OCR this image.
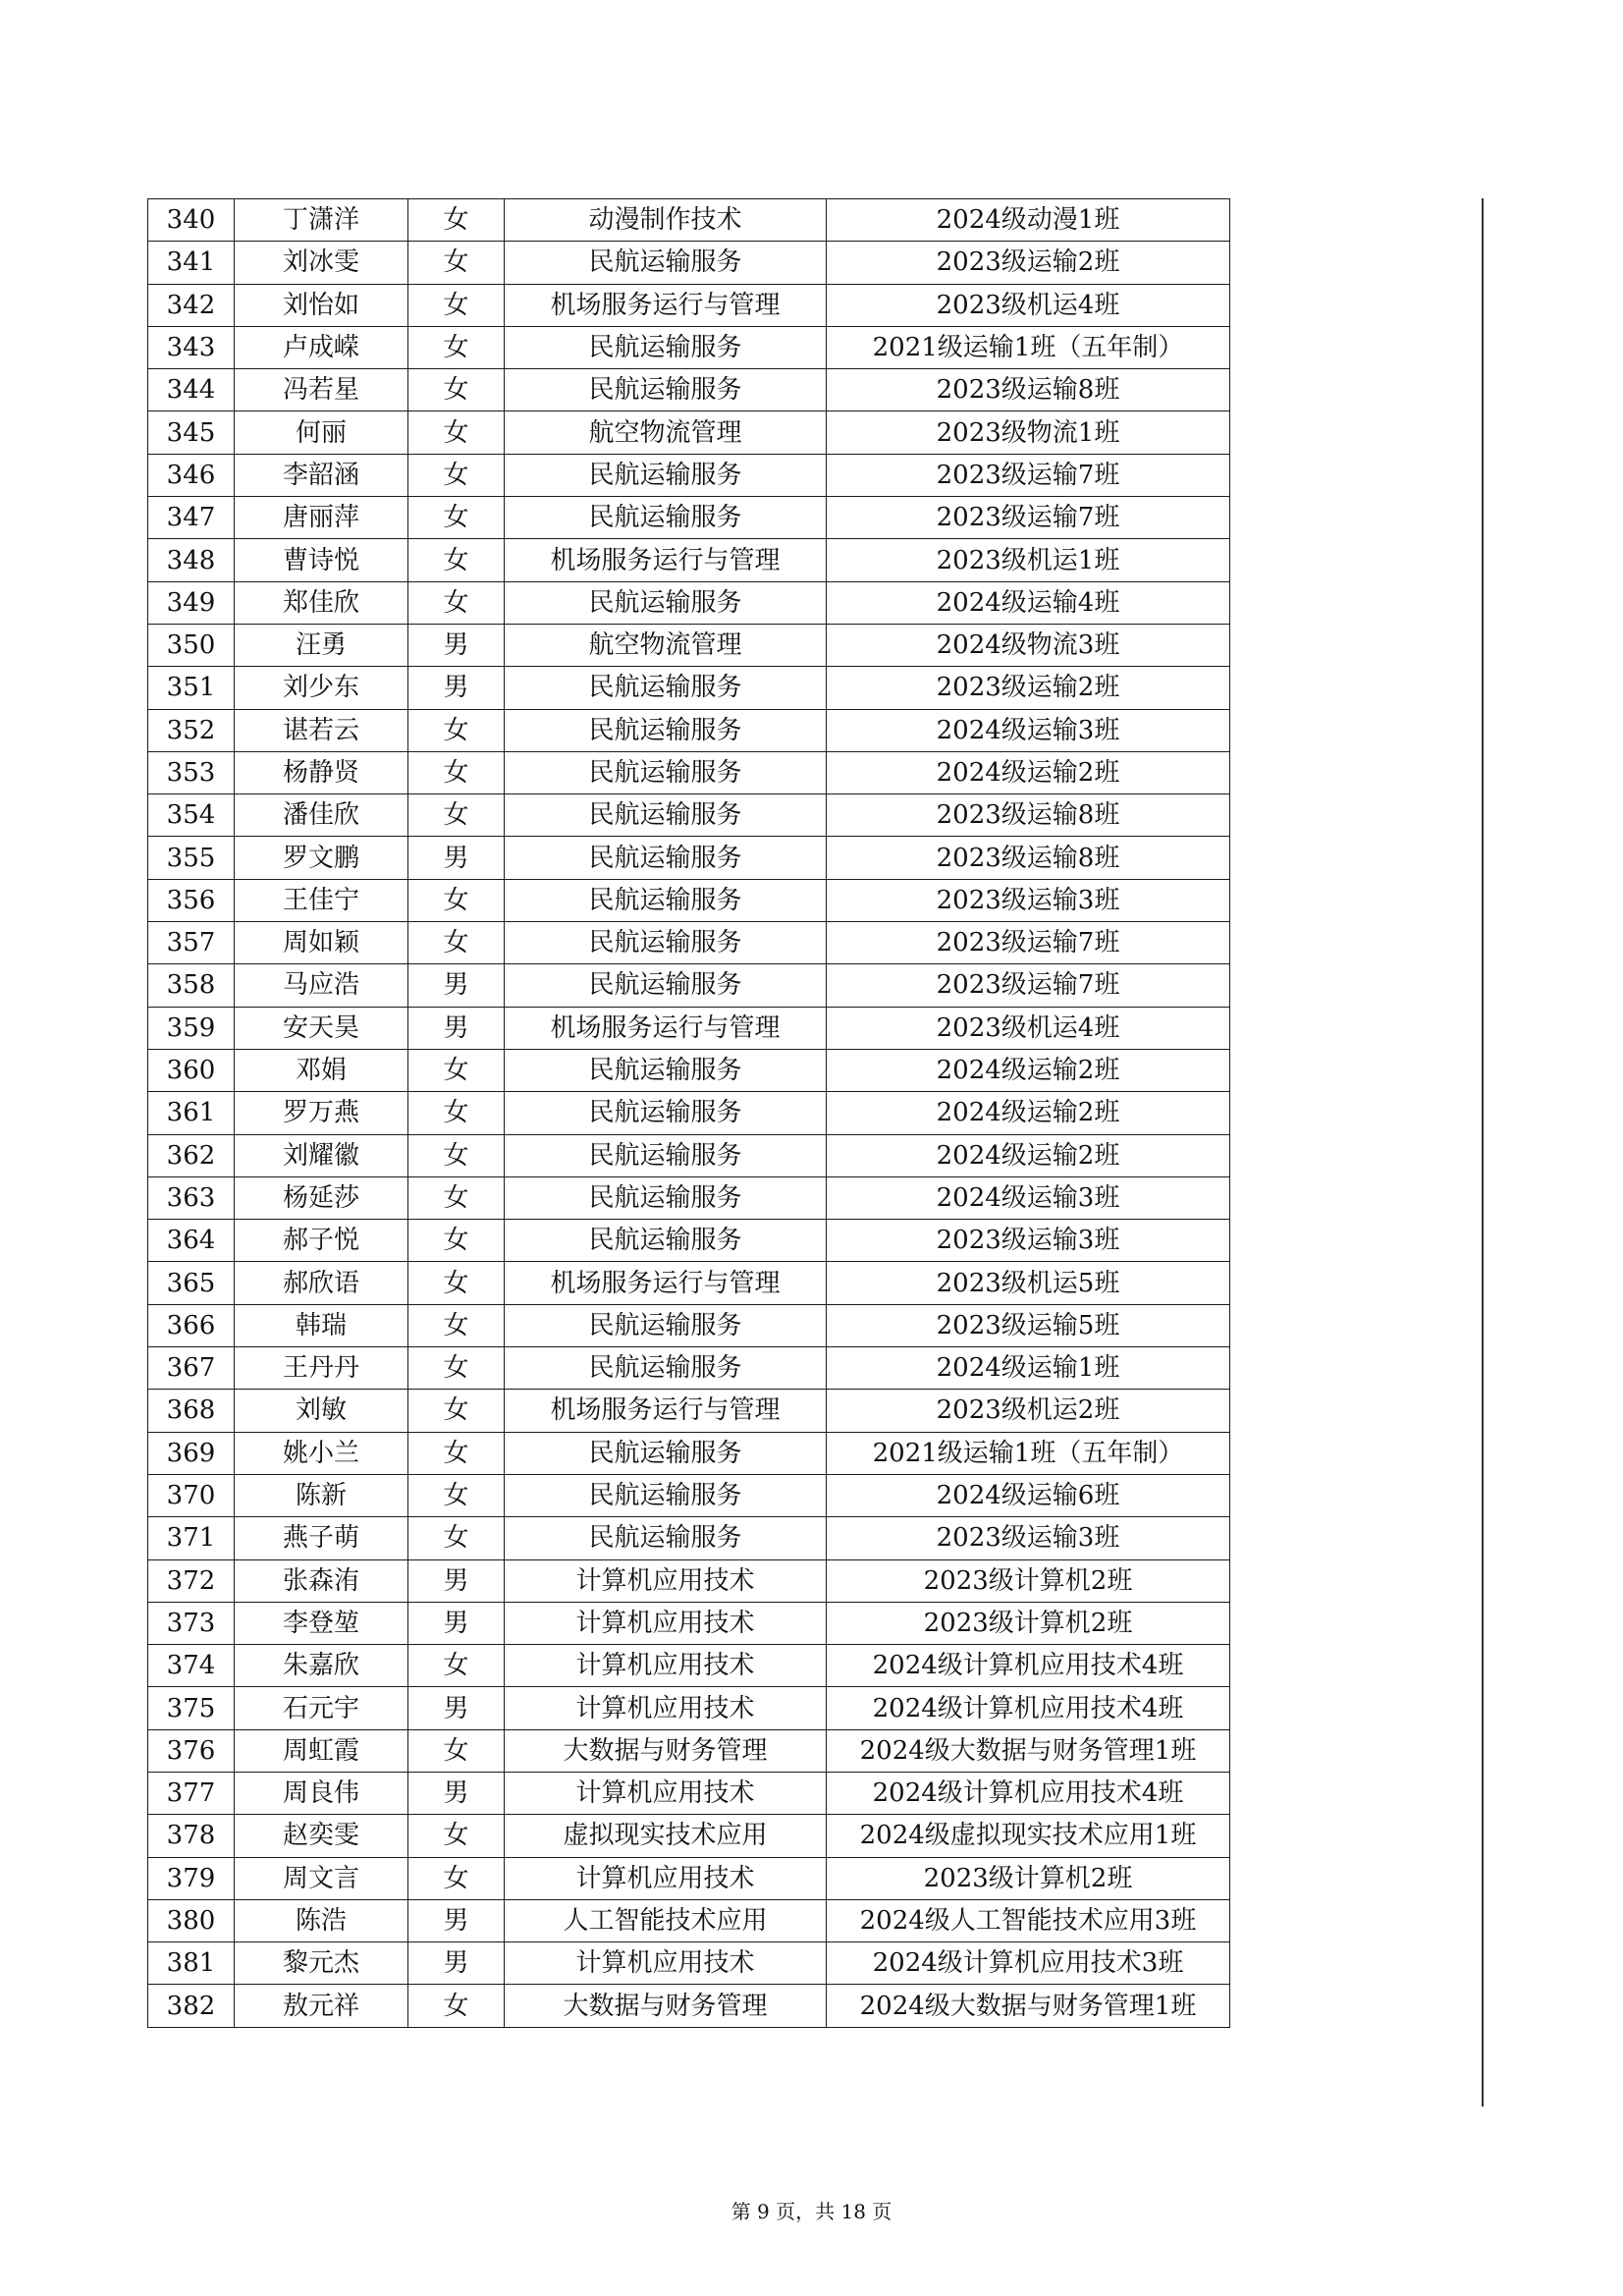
340	丁潇洋	女	动漫制作技术	2024级动漫1班
341	刘冰雯	女	民航运输服务	2023级运输2班
342	刘怡如	女	机场服务运行与管理	2023级机运4班
343	卢成嵘	女	民航运输服务	2021级运输1班（五年制）
344	冯若星	女	民航运输服务	2023级运输8班
345	何丽	女	航空物流管理	2023级物流1班
346	李韶涵	女	民航运输服务	2023级运输7班
347	唐丽萍	女	民航运输服务	2023级运输7班
348	曹诗悦	女	机场服务运行与管理	2023级机运1班
349	郑佳欣	女	民航运输服务	2024级运输4班
350	汪勇	男	航空物流管理	2024级物流3班
351	刘少东	男	民航运输服务	2023级运输2班
352	谌若云	女	民航运输服务	2024级运输3班
353	杨静贤	女	民航运输服务	2024级运输2班
354	潘佳欣	女	民航运输服务	2023级运输8班
355	罗文鹏	男	民航运输服务	2023级运输8班
356	王佳宁	女	民航运输服务	2023级运输3班
357	周如颖	女	民航运输服务	2023级运输7班
358	马应浩	男	民航运输服务	2023级运输7班
359	安天昊	男	机场服务运行与管理	2023级机运4班
360	邓娟	女	民航运输服务	2024级运输2班
361	罗万燕	女	民航运输服务	2024级运输2班
362	刘耀徽	女	民航运输服务	2024级运输2班
363	杨延莎	女	民航运输服务	2024级运输3班
364	郝子悦	女	民航运输服务	2023级运输3班
365	郝欣语	女	机场服务运行与管理	2023级机运5班
366	韩瑞	女	民航运输服务	2023级运输5班
367	王丹丹	女	民航运输服务	2024级运输1班
368	刘敏	女	机场服务运行与管理	2023级机运2班
369	姚小兰	女	民航运输服务	2021级运输1班（五年制）
370	陈新	女	民航运输服务	2024级运输6班
371	燕子萌	女	民航运输服务	2023级运输3班
372	张森洧	男	计算机应用技术	2023级计算机2班
373	李登堃	男	计算机应用技术	2023级计算机2班
374	朱嘉欣	女	计算机应用技术	2024级计算机应用技术4班
375	石元宇	男	计算机应用技术	2024级计算机应用技术4班
376	周虹霞	女	大数据与财务管理	2024级大数据与财务管理1班
377	周良伟	男	计算机应用技术	2024级计算机应用技术4班
378	赵奕雯	女	虚拟现实技术应用	2024级虚拟现实技术应用1班
379	周文言	女	计算机应用技术	2023级计算机2班
380	陈浩	男	人工智能技术应用	2024级人工智能技术应用3班
381	黎元杰	男	计算机应用技术	2024级计算机应用技术3班
382	敖元祥	女	大数据与财务管理	2024级大数据与财务管理1班
第 9 页，共 18 页
